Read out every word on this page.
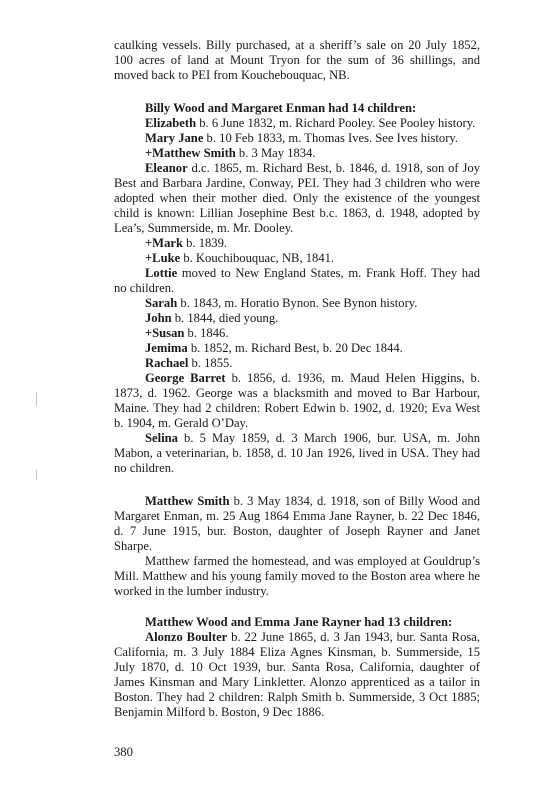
caulking vessels. Billy purchased, at a sheriff’s sale on 20 July 1852, 100 acres of land at Mount Tryon for the sum of 36 shillings, and moved back to PEI from Kouchebouquac, NB.

Billy Wood and Margaret Enman had 14 children:

Elizabeth b. 6 June 1832, m. Richard Pooley. See Pooley history.

Mary Jane b. 10 Feb 1833, m. Thomas Ives. See Ives history.

+Matthew Smith b. 3 May 1834.

Eleanor d.c. 1865, m. Richard Best, b. 1846, d. 1918, son of Joy Best and Barbara Jardine, Conway, PEI. They had 3 children who were adopted when their mother died. Only the existence of the youngest child is known: Lillian Josephine Best b.c. 1863, d. 1948, adopted by Lea’s, Summerside, m. Mr. Dooley.

+Mark b. 1839.

+Luke b. Kouchibouquac, NB, 1841.

Lottie moved to New England States, m. Frank Hoff. They had no children.

Sarah b. 1843, m. Horatio Bynon. See Bynon history.

John b. 1844, died young.

+Susan b. 1846.

Jemima b. 1852, m. Richard Best, b. 20 Dec 1844.

Rachael b. 1855.

George Barret b. 1856, d. 1936, m. Maud Helen Higgins, b. 1873, d. 1962. George was a blacksmith and moved to Bar Harbour, Maine. They had 2 children: Robert Edwin b. 1902, d. 1920; Eva West b. 1904, m. Gerald O’Day.

Selina b. 5 May 1859, d. 3 March 1906, bur. USA, m. John Mabon, a veterinarian, b. 1858, d. 10 Jan 1926, lived in USA. They had no children.

Matthew Smith b. 3 May 1834, d. 1918, son of Billy Wood and Margaret Enman, m. 25 Aug 1864 Emma Jane Rayner, b. 22 Dec 1846, d. 7 June 1915, bur. Boston, daughter of Joseph Rayner and Janet Sharpe.

Matthew farmed the homestead, and was employed at Gouldrup’s Mill. Matthew and his young family moved to the Boston area where he worked in the lumber industry.

Matthew Wood and Emma Jane Rayner had 13 children:

Alonzo Boulter b. 22 June 1865, d. 3 Jan 1943, bur. Santa Rosa, California, m. 3 July 1884 Eliza Agnes Kinsman, b. Summerside, 15 July 1870, d. 10 Oct 1939, bur. Santa Rosa, California, daughter of James Kinsman and Mary Linkletter. Alonzo apprenticed as a tailor in Boston. They had 2 children: Ralph Smith b. Summerside, 3 Oct 1885; Benjamin Milford b. Boston, 9 Dec 1886.

380
